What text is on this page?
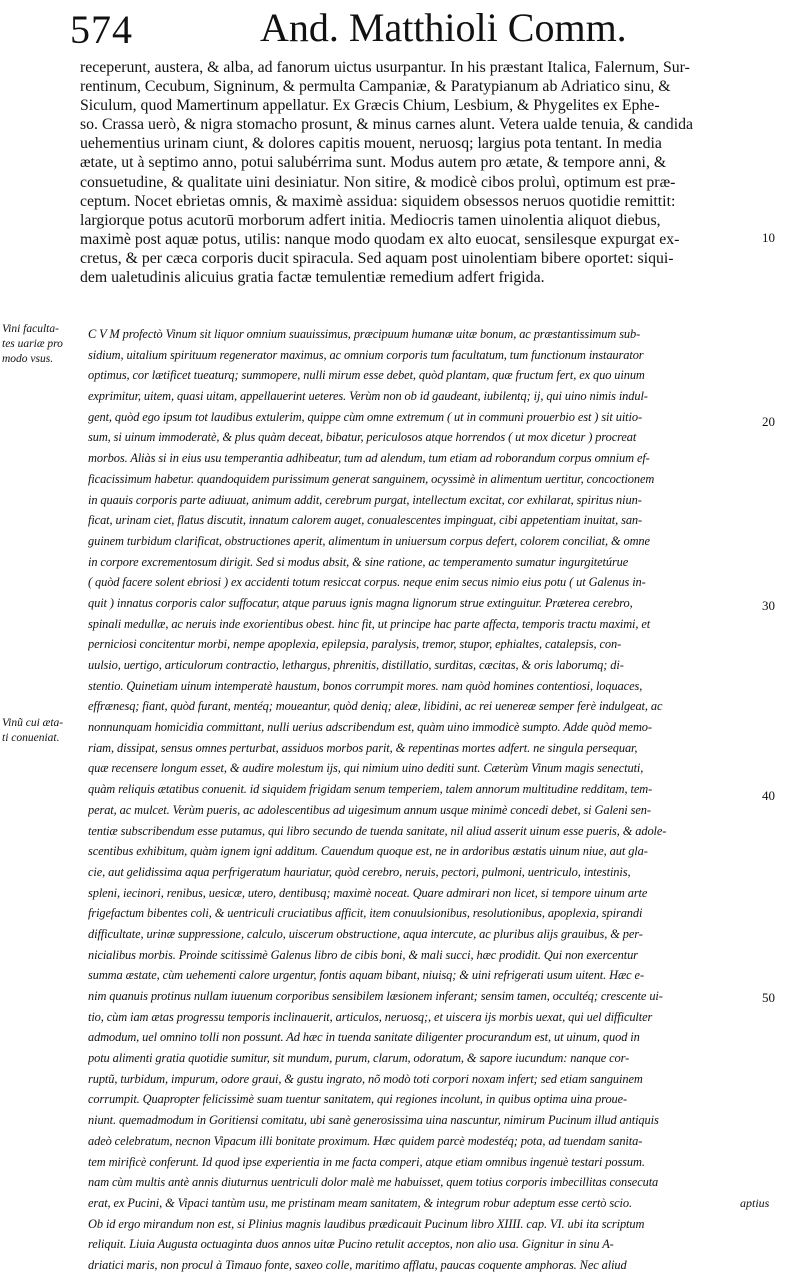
574	And. Matthioli Comm.
receperunt, austera, & alba, ad fanorum uictus usurpantur. In his præstant Italica, Falernum, Sur-
rentinum, Cecubum, Signinum, & permulta Campaniæ, & Paratypianum ab Adriatico sinu, &
Siculum, quod Mamertinum appellatur. Ex Græcis Chium, Lesbium, & Phygelites ex Ephe-
so. Crassa uerò, & nigra stomacho prosunt, & minus carnes alunt. Vetera ualde tenuia, & candida
uehementius urinam ciunt, & dolores capitis mouent, neruosq; largius pota tentant. In media
ætate, ut à septimo anno, potui salubérrima sunt. Modus autem pro ætate, & tempore anni, &
consuetudine, & qualitate uini desiniatur. Non sitire, & modicè cibos proluì, optimum est præ-
ceptum. Nocet ebrietas omnis, & maximè assidua: siquidem obsessos neruos quotidie remittit:
largiorque potus acutorū morborum adfert initia. Mediocris tamen uinolentia aliquot diebus,
maximè post aquæ potus, utilis: nanque modo quodam ex alto euocat, sensilesque expurgat ex-
cretus, & per cæca corporis ducit spiracula. Sed aquam post uinolentiam bibere oportet: siqui-
dem ualetudinis alicuius gratia factæ temulentiæ remedium adfert frigida.
C V M profectò Vinum sit liquor omnium suauissimus, præcipuum humanæ uitæ bonum, ac præstantissimum sub-
sidium, uitalium spirituum regenerator maximus, ac omnium corporis tum facultatum, tum functionum instaurator
optimus, cor lætificet tueaturq; summopere, nulli mirum esse debet, quòd plantam, quæ fructum fert, ex quo uinum
exprimitur, uitem, quasi uitam, appellauerint ueteres. Verùm non ob id gaudeant, iubilentq; ij, qui uino nimis indul-
gent, quòd ego ipsum tot laudibus extulerim, quippe cùm omne extremum ( ut in communi prouerbio est ) sit uitio-
sum, si uinum immoderatè, & plus quàm deceat, bibatur, periculosos atque horrendos ( ut mox dicetur ) procreat
morbos. Aliàs si in eius usu temperantia adhibeatur, tum ad alendum, tum etiam ad roborandum corpus omnium ef-
ficacissimum habetur. quandoquidem purissimum generat sanguinem, ocyssimè in alimentum uertitur, concoctionem
in quauis corporis parte adiuuat, animum addit, cerebrum purgat, intellectum excitat, cor exhilarat, spiritus niun-
ficat, urinam ciet, flatus discutit, innatum calorem auget, conualescentes impinguat, cibi appetentiam inuitat, san-
guinem turbidum clarificat, obstructiones aperit, alimentum in uniuersum corpus defert, colorem conciliat, & omne
in corpore excrementosum dirigit. Sed si modus absit, & sine ratione, ac temperamento sumatur ingurgitetúrue
( quòd facere solent ebriosi ) ex accidenti totum resiccat corpus. neque enim secus nimio eius potu ( ut Galenus in-
quit ) innatus corporis calor suffocatur, atque paruus ignis magna lignorum strue extinguitur. Præterea cerebro,
spinali medullæ, ac neruis inde exorientibus obest. hinc fit, ut principe hac parte affecta, temporis tractu maximi, et
perniciosi concitentur morbi, nempe apoplexia, epilepsia, paralysis, tremor, stupor, ephialtes, catalepsis, con-
uulsio, uertigo, articulorum contractio, lethargus, phrenitis, distillatio, surditas, cæcitas, & oris laborumq; di-
stentio. Quinetiam uinum intemperatè haustum, bonos corrumpit mores. nam quòd homines contentiosi, loquaces,
effrænesq; fiant, quòd furant, mentéq; moueantur, quòd deniq; aleæ, libidini, ac rei uenereæ semper ferè indulgeat, ac
nonnunquam homicidia committant, nulli uerius adscribendum est, quàm uino immodicè sumpto. Adde quòd memo-
riam, dissipat, sensus omnes perturbat, assiduos morbos parit, & repentinas mortes adfert. ne singula persequar,
quæ recensere longum esset, & audire molestum ijs, qui nimium uino dediti sunt. Cæterùm Vinum magis senectuti,
quàm reliquis ætatibus conuenit. id siquidem frigidam senum temperiem, talem annorum multitudine redditam, tem-
perat, ac mulcet. Verùm pueris, ac adolescentibus ad uigesimum annum usque minimè concedi debet, si Galeni sen-
tentiæ subscribendum esse putamus, qui libro secundo de tuenda sanitate, nil aliud asserit uinum esse pueris, & adole-
scentibus exhibitum, quàm ignem igni additum. Cauendum quoque est, ne in ardoribus æstatis uinum niue, aut gla-
cie, aut gelidissima aqua perfrigeratum hauriatur, quòd cerebro, neruis, pectori, pulmoni, uentriculo, intestinis,
spleni, iecinori, renibus, uesicæ, utero, dentibusq; maximè noceat. Quare admirari non licet, si tempore uinum arte
frigefactum bibentes coli, & uentriculi cruciatibus afficit, item conuulsionibus, resolutionibus, apoplexia, spirandi
difficultate, urinæ suppressione, calculo, uiscerum obstructione, aqua intercute, ac pluribus alijs grauibus, & per-
nicialibus morbis. Proinde scitissimè Galenus libro de cibis boni, & mali succi, hæc prodidit. Qui non exercentur
summa æstate, cùm uehementi calore urgentur, fontis aquam bibant, niuisq; & uini refrigerati usum uitent. Hæc e-
nim quanuis protinus nullam iuuenum corporibus sensibilem læsionem inferant; sensim tamen, occultéq; crescente ui-
tio, cùm iam ætas progressu temporis inclinauerit, articulos, neruosq;, et uiscera ijs morbis uexat, qui uel difficulter
admodum, uel omnino tolli non possunt. Ad hæc in tuenda sanitate diligenter procurandum est, ut uinum, quod in
potu alimenti gratia quotidie sumitur, sit mundum, purum, clarum, odoratum, & sapore iucundum: nanque cor-
ruptũ, turbidum, impurum, odore graui, & gustu ingrato, nõ modò toti corpori noxam infert; sed etiam sanguinem
corrumpit. Quapropter felicissimè suam tuentur sanitatem, qui regiones incolunt, in quibus optima uina proue-
niunt. quemadmodum in Goritiensi comitatu, ubi sanè generosissima uina nascuntur, nimirum Pucinum illud antiquis
adeò celebratum, necnon Vipacum illi bonitate proximum. Hæc quidem parcè modestéq; pota, ad tuendam sanita-
tem mirificè conferunt. Id quod ipse experientia in me facta comperi, atque etiam omnibus ingenuè testari possum.
nam cùm multis antè annis diuturnus uentriculi dolor malè me habuisset, quem totius corporis imbecillitas consecuta
erat, ex Pucini, & Vipaci tantùm usu, me pristinam meam sanitatem, & integrum robur adeptum esse certò scio.
Ob id ergo mirandum non est, si Plinius magnis laudibus prædicauit Pucinum libro XIIII. cap. VI. ubi ita scriptum
reliquit. Liuia Augusta octuaginta duos annos uitæ Pucino retulit acceptos, non alio usa. Gignitur in sinu A-
driatici maris, non procul à Timauo fonte, saxeo colle, maritimo afflatu, paucas coquente amphoras. Nec aliud
Vini faculta-
tes uariæ pro
modo vsus.
Vinũ cui æta-
ti conueniat.
10
20
30
40
50
aptius
